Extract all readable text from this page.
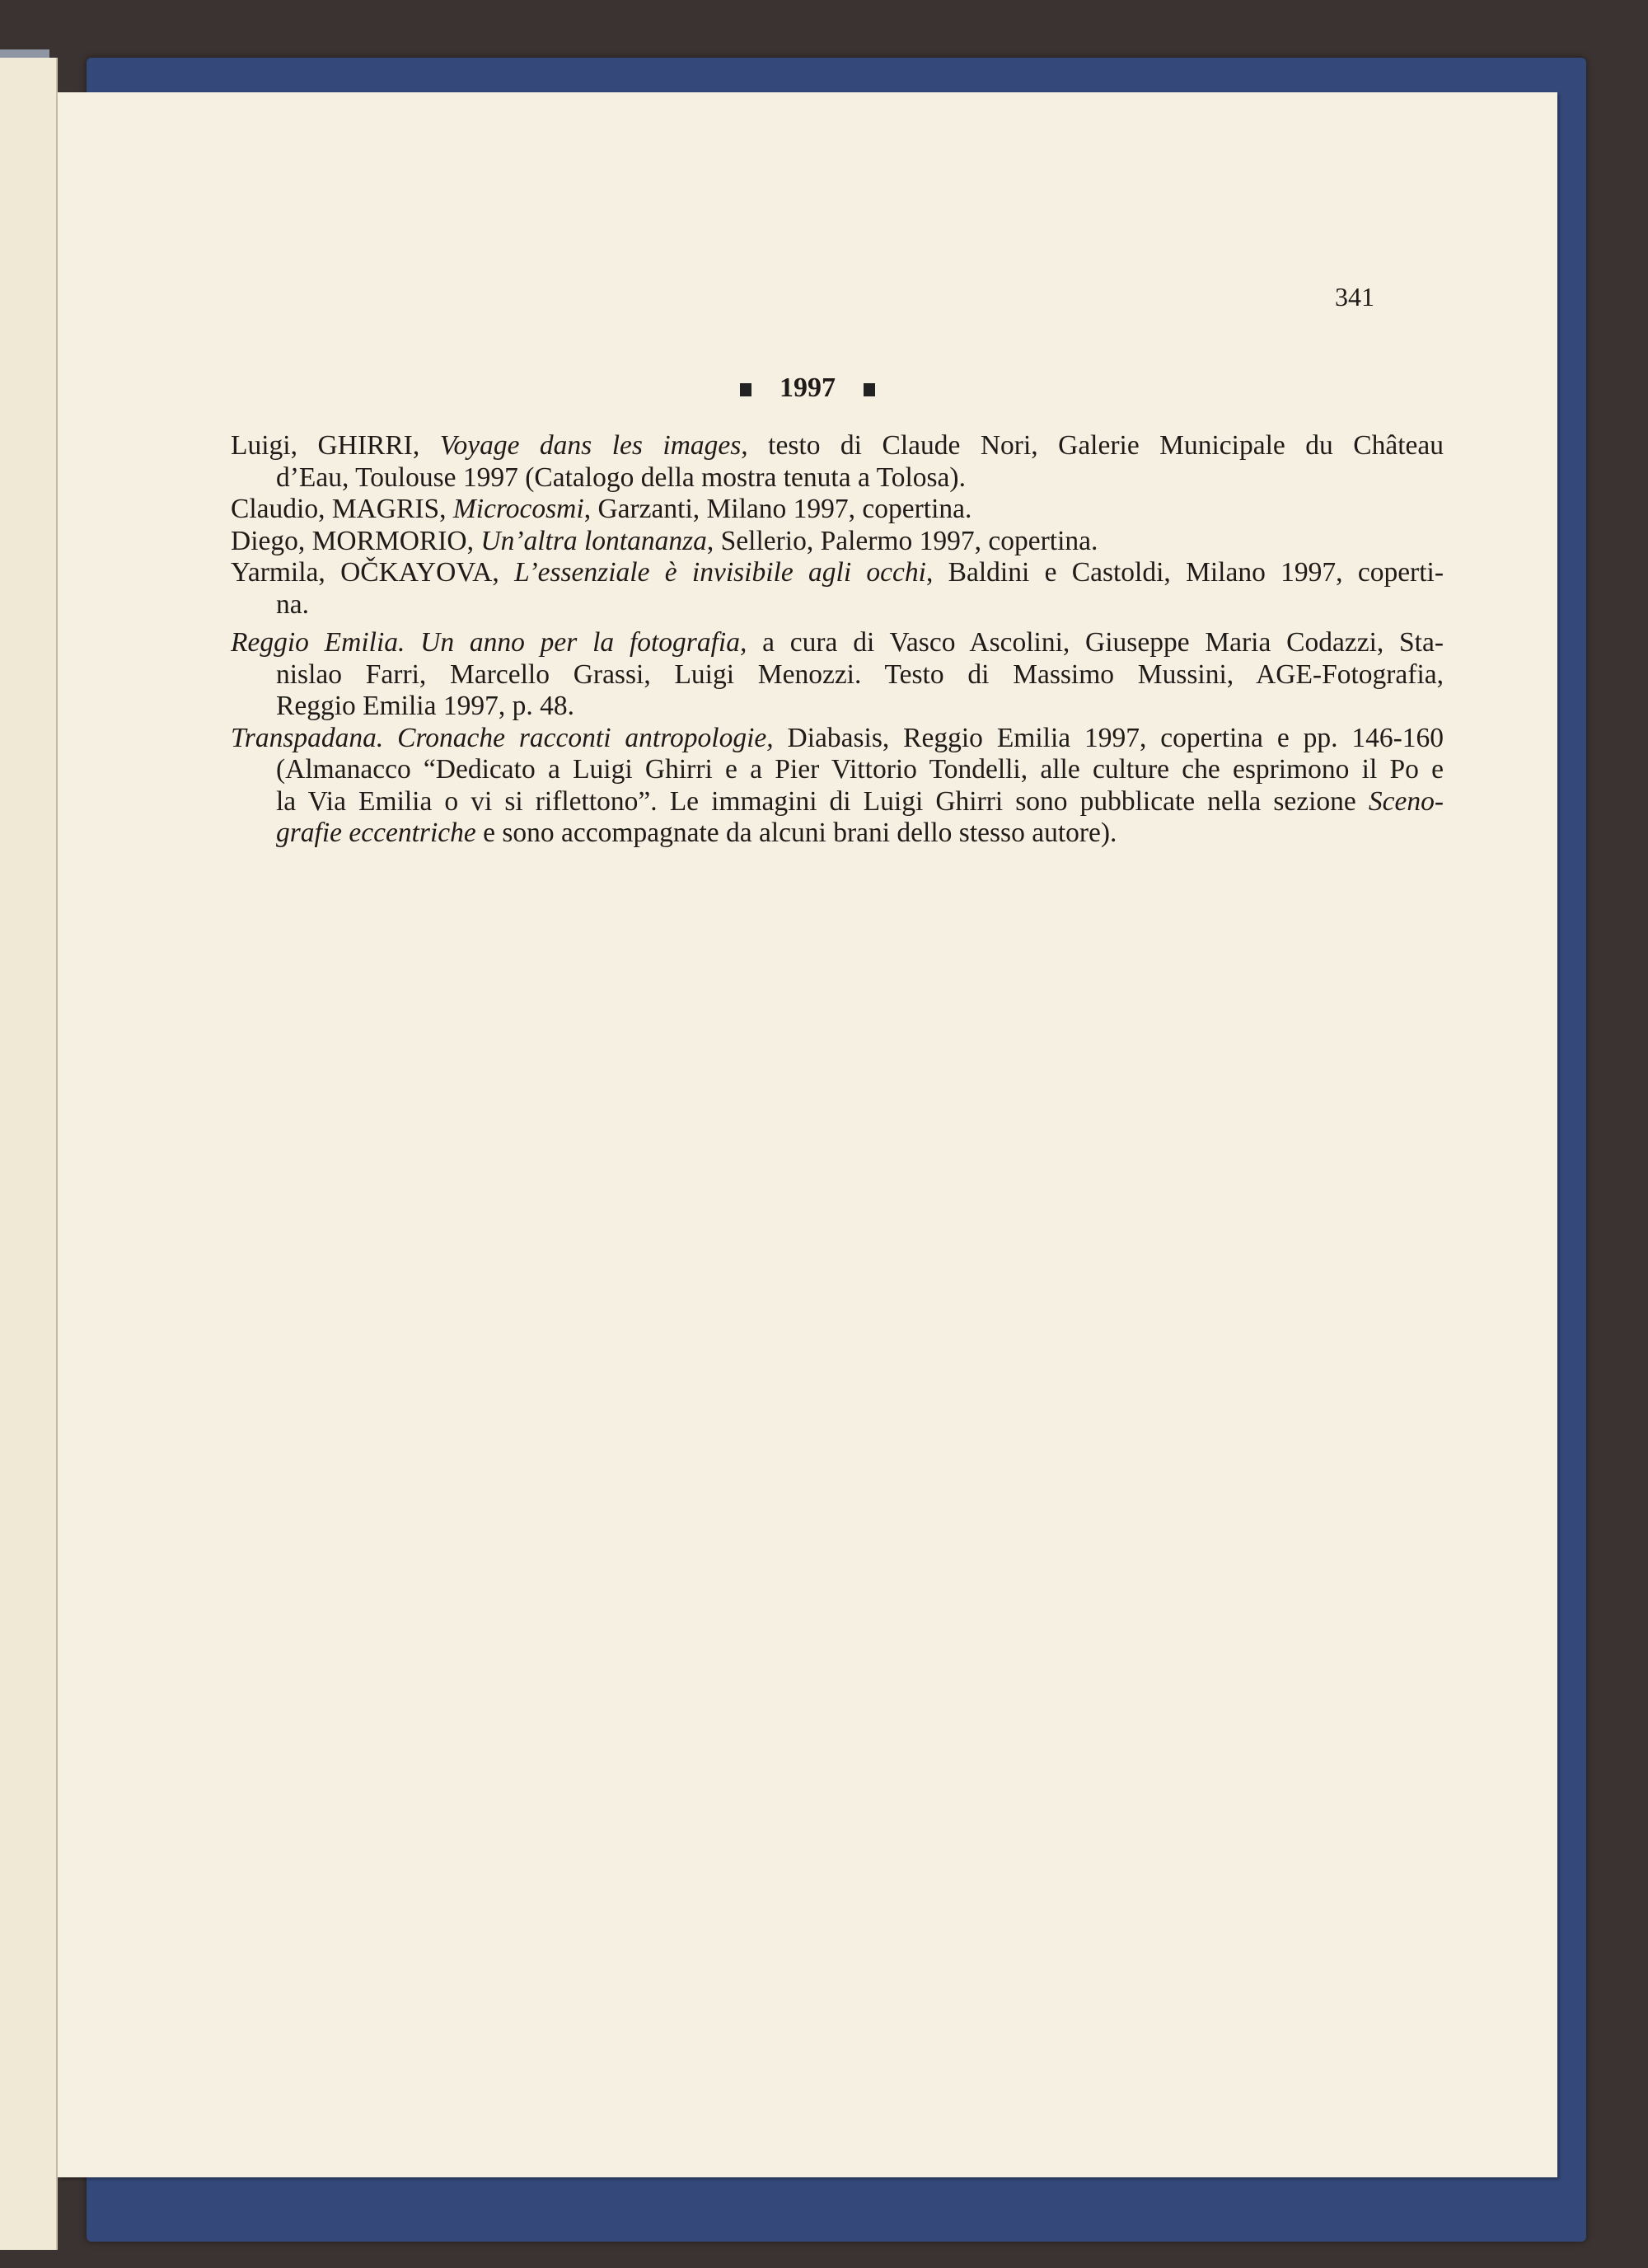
341
1997
Luigi, GHIRRI, Voyage dans les images, testo di Claude Nori, Galerie Municipale du Château
d’Eau, Toulouse 1997 (Catalogo della mostra tenuta a Tolosa).
Claudio, MAGRIS, Microcosmi, Garzanti, Milano 1997, copertina.
Diego, MORMORIO, Un’altra lontananza, Sellerio, Palermo 1997, copertina.
Yarmila, OČKAYOVA, L’essenziale è invisibile agli occhi, Baldini e Castoldi, Milano 1997, coperti-
na.
Reggio Emilia. Un anno per la fotografia, a cura di Vasco Ascolini, Giuseppe Maria Codazzi, Sta-
nislao Farri, Marcello Grassi, Luigi Menozzi. Testo di Massimo Mussini, AGE-Fotografia,
Reggio Emilia 1997, p. 48.
Transpadana. Cronache racconti antropologie, Diabasis, Reggio Emilia 1997, copertina e pp. 146-160
(Almanacco “Dedicato a Luigi Ghirri e a Pier Vittorio Tondelli, alle culture che esprimono il Po e
la Via Emilia o vi si riflettono”. Le immagini di Luigi Ghirri sono pubblicate nella sezione Sceno-
grafie eccentriche e sono accompagnate da alcuni brani dello stesso autore).
